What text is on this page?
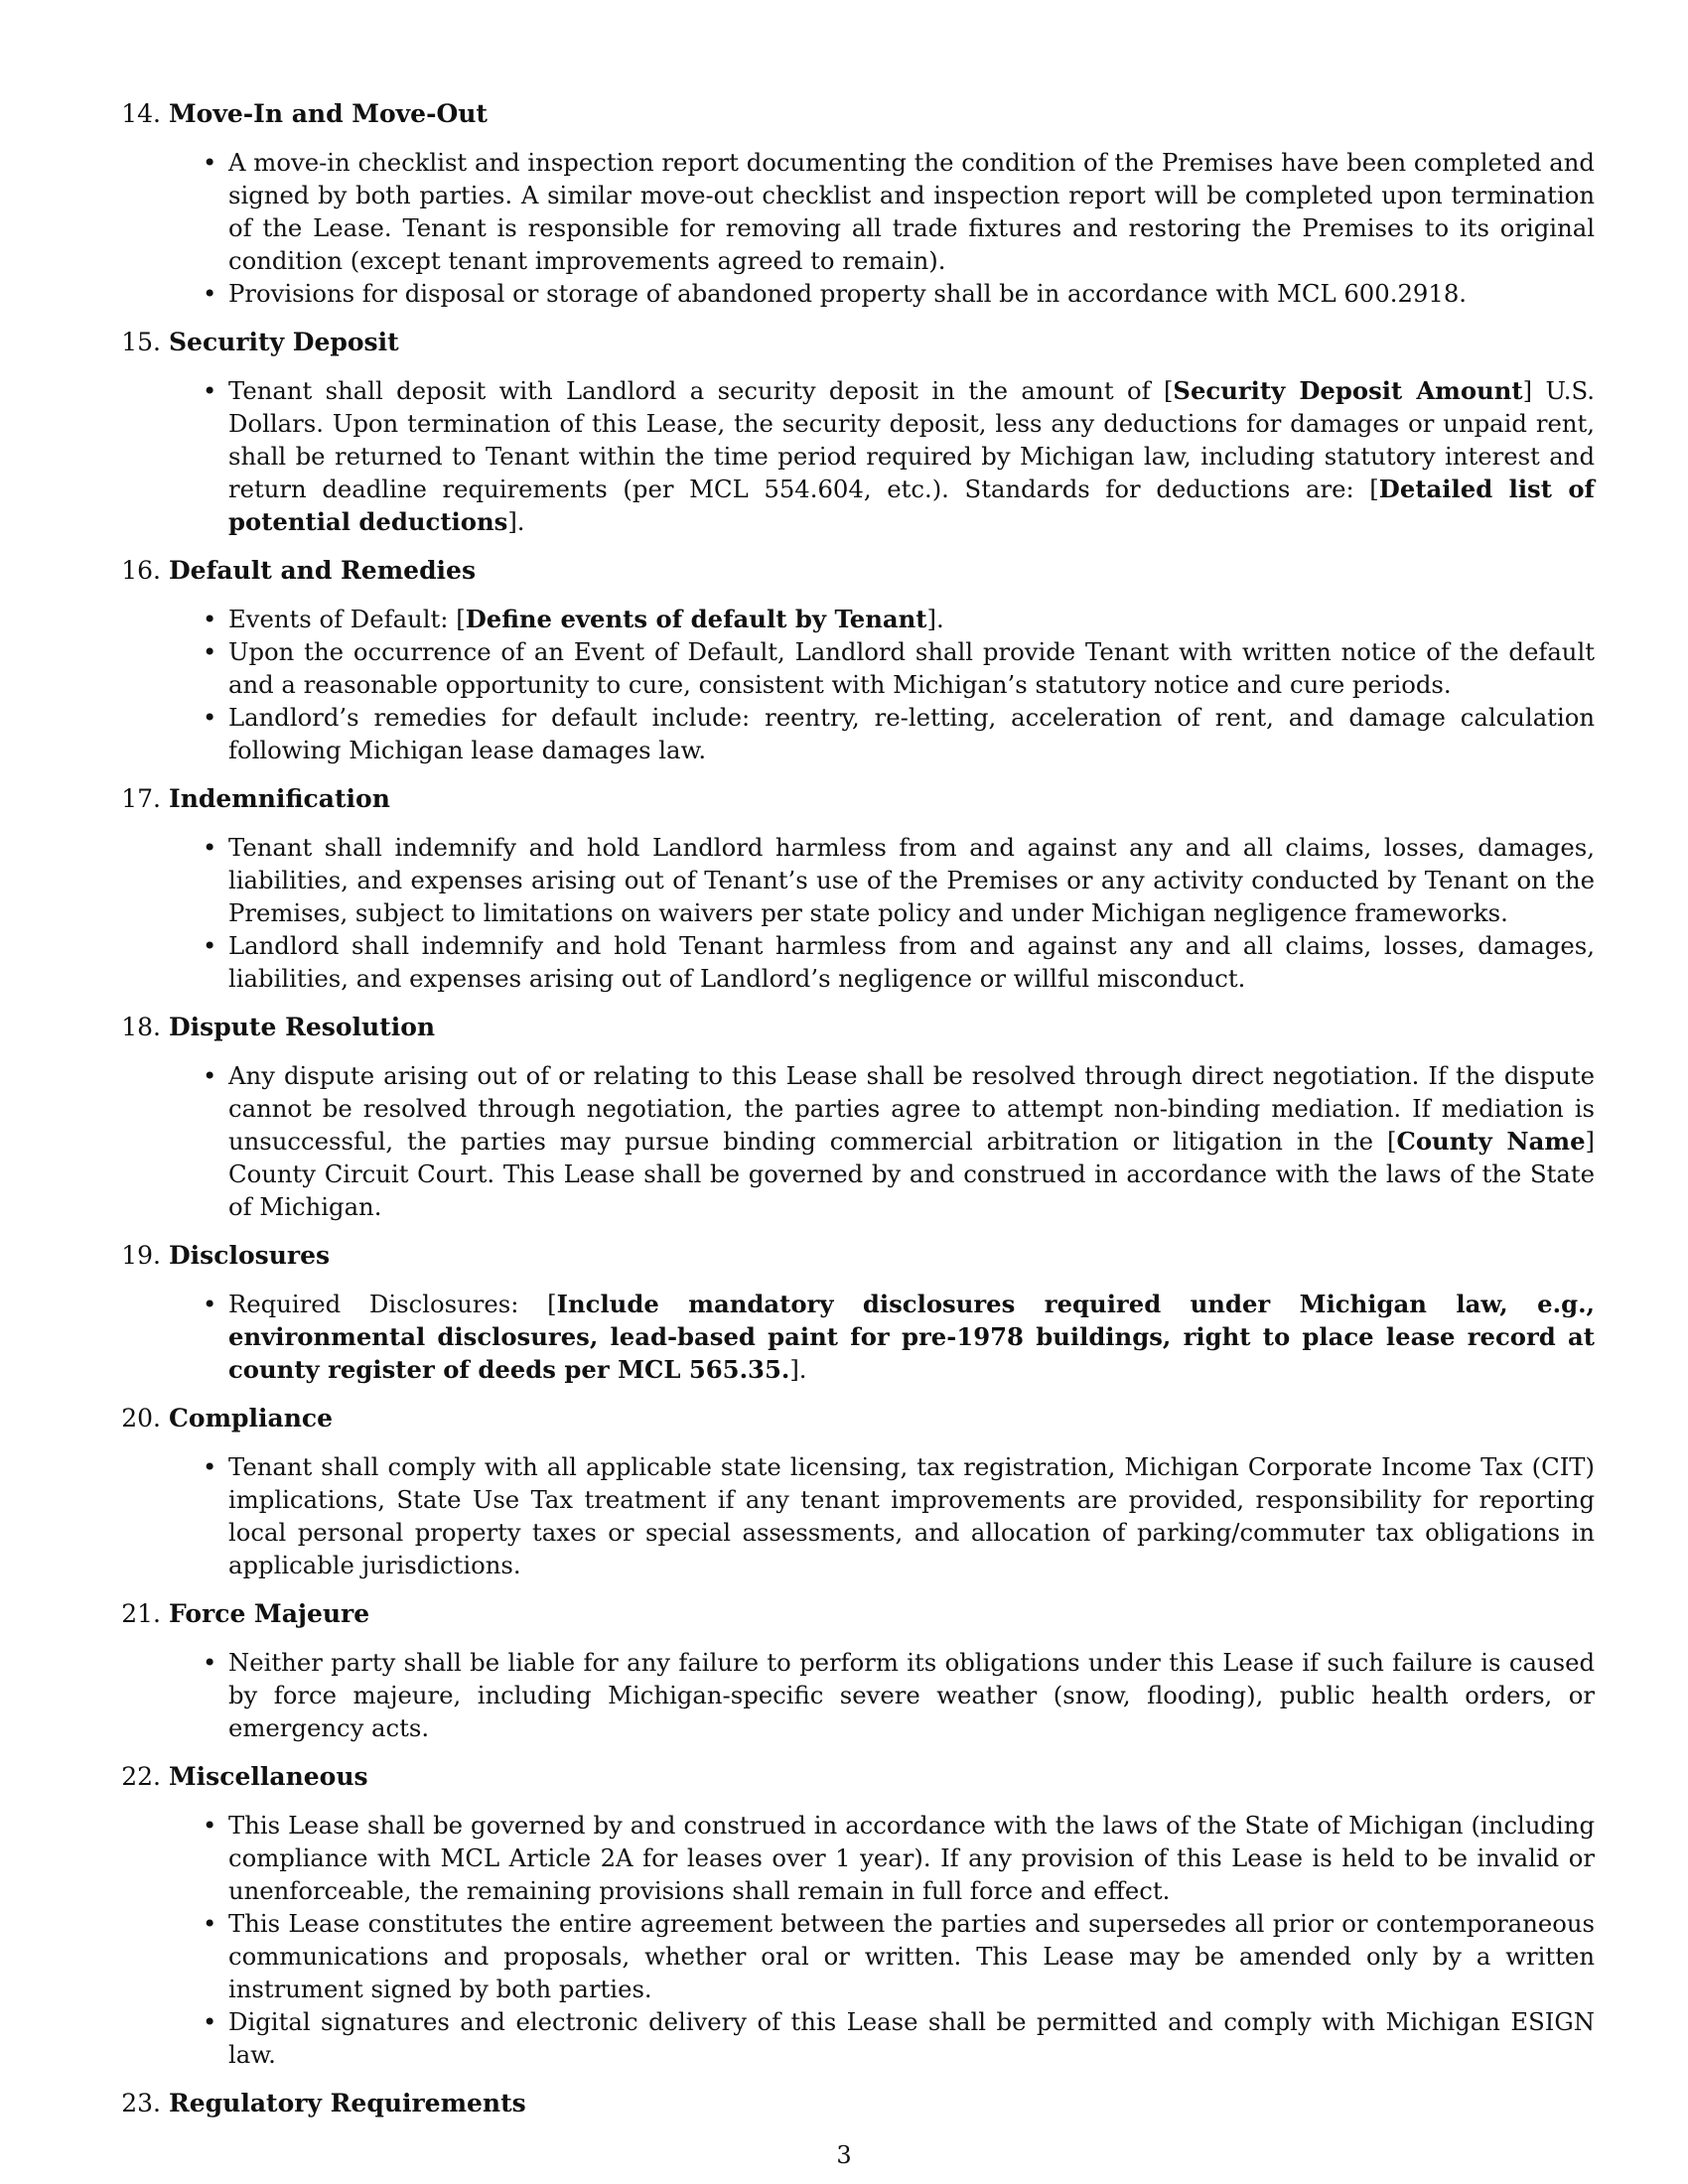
14. Move-In and Move-Out
• A move-in checklist and inspection report documenting the condition of the Premises have been completed and signed by both parties. A similar move-out checklist and inspection report will be completed upon termination of the Lease. Tenant is responsible for removing all trade fixtures and restoring the Premises to its original condition (except tenant improvements agreed to remain).
• Provisions for disposal or storage of abandoned property shall be in accordance with MCL 600.2918.
15. Security Deposit
• Tenant shall deposit with Landlord a security deposit in the amount of [Security Deposit Amount] U.S. Dollars. Upon termination of this Lease, the security deposit, less any deductions for damages or unpaid rent, shall be returned to Tenant within the time period required by Michigan law, including statutory interest and return deadline requirements (per MCL 554.604, etc.). Standards for deductions are: [Detailed list of potential deductions].
16. Default and Remedies
• Events of Default: [Define events of default by Tenant].
• Upon the occurrence of an Event of Default, Landlord shall provide Tenant with written notice of the default and a reasonable opportunity to cure, consistent with Michigan’s statutory notice and cure periods.
• Landlord’s remedies for default include: reentry, re-letting, acceleration of rent, and damage calculation following Michigan lease damages law.
17. Indemnification
• Tenant shall indemnify and hold Landlord harmless from and against any and all claims, losses, damages, liabilities, and expenses arising out of Tenant’s use of the Premises or any activity conducted by Tenant on the Premises, subject to limitations on waivers per state policy and under Michigan negligence frameworks.
• Landlord shall indemnify and hold Tenant harmless from and against any and all claims, losses, damages, liabilities, and expenses arising out of Landlord’s negligence or willful misconduct.
18. Dispute Resolution
• Any dispute arising out of or relating to this Lease shall be resolved through direct negotiation. If the dispute cannot be resolved through negotiation, the parties agree to attempt non-binding mediation. If mediation is unsuccessful, the parties may pursue binding commercial arbitration or litigation in the [County Name] County Circuit Court. This Lease shall be governed by and construed in accordance with the laws of the State of Michigan.
19. Disclosures
• Required Disclosures: [Include mandatory disclosures required under Michigan law, e.g., environmental disclosures, lead-based paint for pre-1978 buildings, right to place lease record at county register of deeds per MCL 565.35.].
20. Compliance
• Tenant shall comply with all applicable state licensing, tax registration, Michigan Corporate Income Tax (CIT) implications, State Use Tax treatment if any tenant improvements are provided, responsibility for reporting local personal property taxes or special assessments, and allocation of parking/commuter tax obligations in applicable jurisdictions.
21. Force Majeure
• Neither party shall be liable for any failure to perform its obligations under this Lease if such failure is caused by force majeure, including Michigan-specific severe weather (snow, flooding), public health orders, or emergency acts.
22. Miscellaneous
• This Lease shall be governed by and construed in accordance with the laws of the State of Michigan (including compliance with MCL Article 2A for leases over 1 year). If any provision of this Lease is held to be invalid or unenforceable, the remaining provisions shall remain in full force and effect.
• This Lease constitutes the entire agreement between the parties and supersedes all prior or contemporaneous communications and proposals, whether oral or written. This Lease may be amended only by a written instrument signed by both parties.
• Digital signatures and electronic delivery of this Lease shall be permitted and comply with Michigan ESIGN law.
23. Regulatory Requirements
3
